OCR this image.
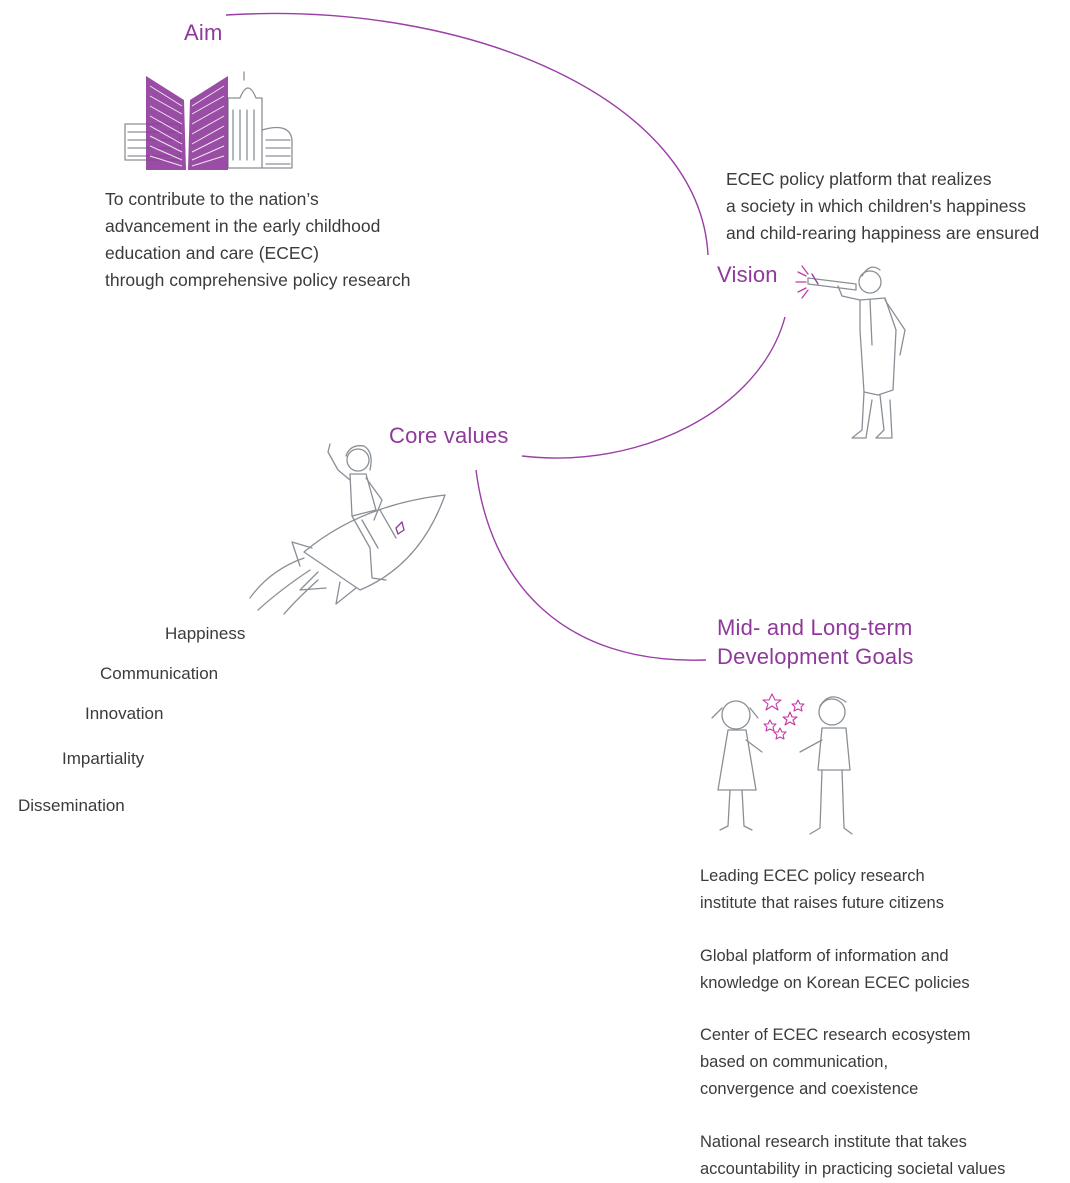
Aim
To contribute to the nation’s
advancement in the early childhood
education and care (ECEC)
through comprehensive policy research
ECEC policy platform that realizes
a society in which children's happiness
and child-rearing happiness are ensured
Vision
Core values
Happiness
Communication
Innovation
Impartiality
Dissemination
Mid- and Long-term
Development Goals
Leading ECEC policy research
institute that raises future citizens
Global platform of information and
knowledge on Korean ECEC policies
Center of ECEC research ecosystem
based on communication,
convergence and coexistence
National research institute that takes
accountability in practicing societal values
